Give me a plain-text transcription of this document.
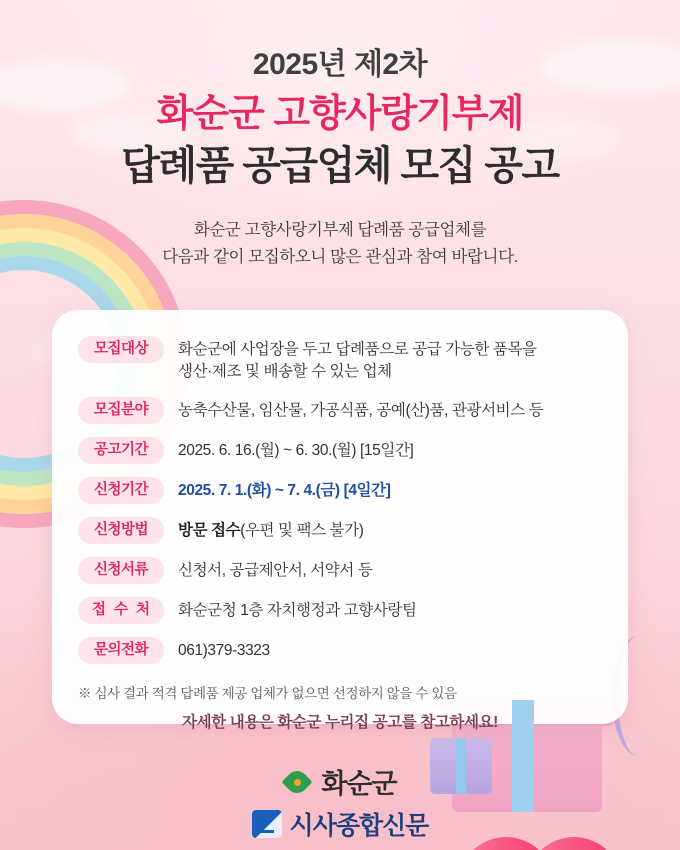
2025년 제2차
화순군 고향사랑기부제
답례품 공급업체 모집 공고
화순군 고향사랑기부제 답례품 공급업체를
다음과 같이 모집하오니 많은 관심과 참여 바랍니다.
모집대상	화순군에 사업장을 두고 답례품으로 공급 가능한 품목을
생산·제조 및 배송할 수 있는 업체
모집분야	농축수산물, 임산물, 가공식품, 공예(산)품, 관광서비스 등
공고기간	2025. 6. 16.(월) ~ 6. 30.(월) [15일간]
신청기간	2025. 7. 1.(화) ~ 7. 4.(금) [4일간]
신청방법	방문 접수(우편 및 팩스 불가)
신청서류	신청서, 공급제안서, 서약서 등
접 수 처	화순군청 1층 자치행정과 고향사랑팀
문의전화	061)379-3323
※ 심사 결과 적격 답례품 제공 업체가 없으면 선정하지 않을 수 있음
자세한 내용은 화순군 누리집 공고를 참고하세요!
화순군
시사종합신문
